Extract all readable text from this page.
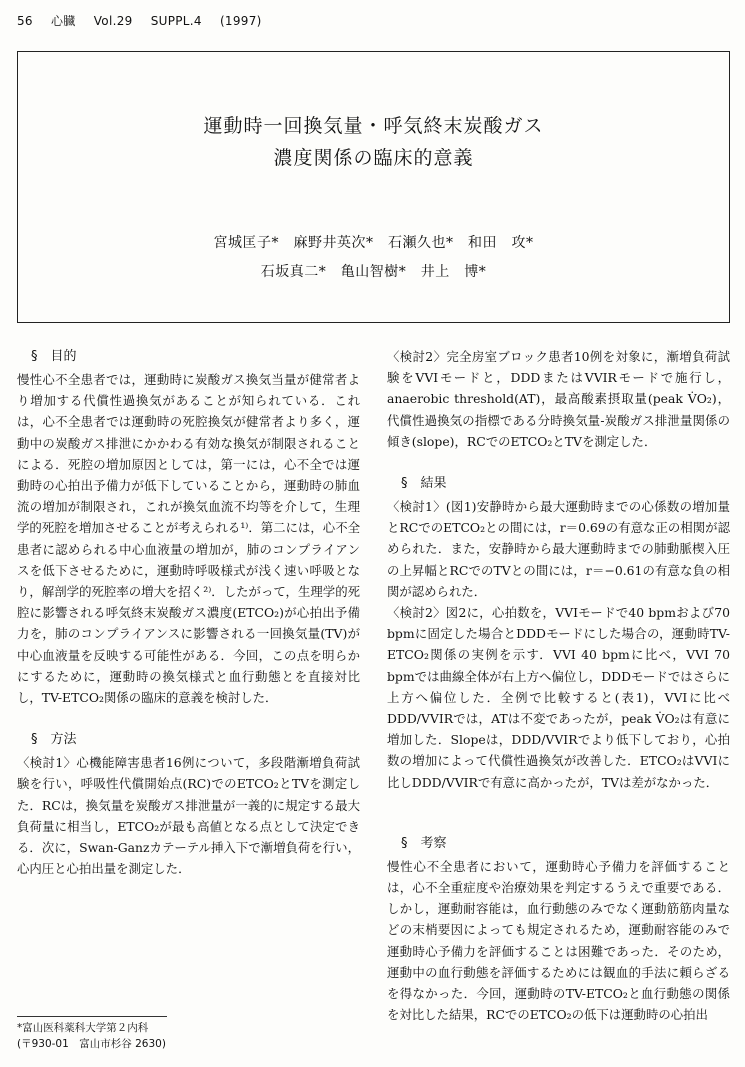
56 心臓 Vol.29 SUPPL.4 (1997)
運動時一回換気量・呼気終末炭酸ガス
濃度関係の臨床的意義
宮城匡子*　麻野井英次*　石瀬久也*　和田　攻*
石坂真二*　亀山智樹*　井上　博*
§　目的

慢性心不全患者では，運動時に炭酸ガス換気当量が健常者より増加する代償性過換気があることが知られている．これは，心不全患者では運動時の死腔換気が健常者より多く，運動中の炭酸ガス排泄にかかわる有効な換気が制限されることによる．死腔の増加原因としては，第一には，心不全では運動時の心拍出予備力が低下していることから，運動時の肺血流の増加が制限され，これが換気血流不均等を介して，生理学的死腔を増加させることが考えられる¹⁾．第二には，心不全患者に認められる中心血液量の増加が，肺のコンプライアンスを低下させるために，運動時呼吸様式が浅く速い呼吸となり，解剖学的死腔率の増大を招く²⁾．したがって，生理学的死腔に影響される呼気終末炭酸ガス濃度(ETCO₂)が心拍出予備力を，肺のコンプライアンスに影響される一回換気量(TV)が中心血液量を反映する可能性がある．今回，この点を明らかにするために，運動時の換気様式と血行動態とを直接対比し，TV-ETCO₂関係の臨床的意義を検討した．

§　方法

〈検討1〉心機能障害患者16例について，多段階漸増負荷試験を行い，呼吸性代償開始点(RC)でのETCO₂とTVを測定した．RCは，換気量を炭酸ガス排泄量が一義的に規定する最大負荷量に相当し，ETCO₂が最も高値となる点として決定できる．次に，Swan-Ganzカテーテル挿入下で漸増負荷を行い，心内圧と心拍出量を測定した．

〈検討2〉完全房室ブロック患者10例を対象に，漸増負荷試験をVVIモードと，DDDまたはVVIRモードで施行し，anaerobic threshold(AT)，最高酸素摂取量(peak V̇O₂)，代償性過換気の指標である分時換気量-炭酸ガス排泄量関係の傾き(slope)，RCでのETCO₂とTVを測定した．

§　結果

〈検討1〉(図1)安静時から最大運動時までの心係数の増加量とRCでのETCO₂との間には，r＝0.69の有意な正の相関が認められた．また，安静時から最大運動時までの肺動脈楔入圧の上昇幅とRCでのTVとの間には，r＝−0.61の有意な負の相関が認められた．

〈検討2〉図2に，心拍数を，VVIモードで40 bpmおよび70 bpmに固定した場合とDDDモードにした場合の，運動時TV-ETCO₂関係の実例を示す．VVI 40 bpmに比べ，VVI 70 bpmでは曲線全体が右上方へ偏位し，DDDモードではさらに上方へ偏位した．全例で比較すると(表1)，VVIに比べDDD/VVIRでは，ATは不変であったが，peak V̇O₂は有意に増加した．Slopeは，DDD/VVIRでより低下しており，心拍数の増加によって代償性過換気が改善した．ETCO₂はVVIに比しDDD/VVIRで有意に高かったが，TVは差がなかった．

§　考察

慢性心不全患者において，運動時心予備力を評価することは，心不全重症度や治療効果を判定するうえで重要である．しかし，運動耐容能は，血行動態のみでなく運動筋筋肉量などの末梢要因によっても規定されるため，運動耐容能のみで運動時心予備力を評価することは困難であった．そのため，運動中の血行動態を評価するためには観血的手法に頼らざるを得なかった．今回，運動時のTV-ETCO₂と血行動態の関係を対比した結果，RCでのETCO₂の低下は運動時の心拍出

*富山医科薬科大学第２内科
(〒930-01　富山市杉谷 2630)
